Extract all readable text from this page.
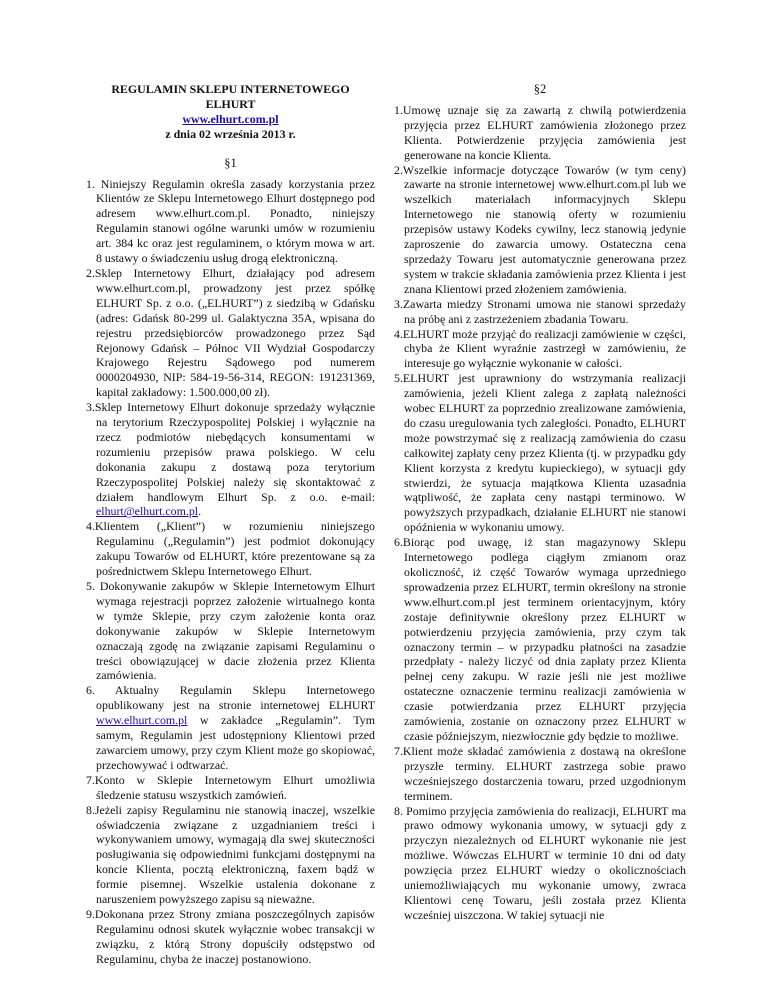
REGULAMIN SKLEPU INTERNETOWEGO
ELHURT
www.elhurt.com.pl
z dnia 02 września 2013 r.
§1
1. Niniejszy Regulamin określa zasady korzystania przez Klientów ze Sklepu Internetowego Elhurt dostępnego pod adresem www.elhurt.com.pl. Ponadto, niniejszy Regulamin stanowi ogólne warunki umów w rozumieniu art. 384 kc oraz jest regulaminem, o którym mowa w art. 8 ustawy o świadczeniu usług drogą elektroniczną.
2.Sklep Internetowy Elhurt, działający pod adresem www.elhurt.com.pl, prowadzony jest przez spółkę ELHURT Sp. z o.o. („ELHURT”) z siedzibą w Gdańsku (adres: Gdańsk 80-299 ul. Galaktyczna 35A, wpisana do rejestru przedsiębiorców prowadzonego przez Sąd Rejonowy Gdańsk – Północ VII Wydział Gospodarczy Krajowego Rejestru Sądowego pod numerem 0000204930, NIP: 584-19-56-314, REGON: 191231369, kapitał zakładowy: 1.500.000,00 zł).
3.Sklep Internetowy Elhurt dokonuje sprzedaży wyłącznie na terytorium Rzeczypospolitej Polskiej i wyłącznie na rzecz podmiotów niebędących konsumentami w rozumieniu przepisów prawa polskiego. W celu dokonania zakupu z dostawą poza terytorium Rzeczypospolitej Polskiej należy się skontaktować z działem handlowym Elhurt Sp. z o.o. e-mail: elhurt@elhurt.com.pl.
4.Klientem („Klient”) w rozumieniu niniejszego Regulaminu („Regulamin”) jest podmiot dokonujący zakupu Towarów od ELHURT, które prezentowane są za pośrednictwem Sklepu Internetowego Elhurt.
5. Dokonywanie zakupów w Sklepie Internetowym Elhurt wymaga rejestracji poprzez założenie wirtualnego konta w tymże Sklepie, przy czym założenie konta oraz dokonywanie zakupów w Sklepie Internetowym oznaczają zgodę na związanie zapisami Regulaminu o treści obowiązującej w dacie złożenia przez Klienta zamówienia.
6. Aktualny Regulamin Sklepu Internetowego opublikowany jest na stronie internetowej ELHURT www.elhurt.com.pl w zakładce „Regulamin”. Tym samym, Regulamin jest udostępniony Klientowi przed zawarciem umowy, przy czym Klient może go skopiować, przechowywać i odtwarzać.
7.Konto w Sklepie Internetowym Elhurt umożliwia śledzenie statusu wszystkich zamówień.
8.Jeżeli zapisy Regulaminu nie stanowią inaczej, wszelkie oświadczenia związane z uzgadnianiem treści i wykonywaniem umowy, wymagają dla swej skuteczności posługiwania się odpowiednimi funkcjami dostępnymi na koncie Klienta, pocztą elektroniczną, faxem bądź w formie pisemnej. Wszelkie ustalenia dokonane z naruszeniem powyższego zapisu są nieważne.
9.Dokonana przez Strony zmiana poszczególnych zapisów Regulaminu odnosi skutek wyłącznie wobec transakcji w związku, z którą Strony dopuściły odstępstwo od Regulaminu, chyba że inaczej postanowiono.
§2
1.Umowę uznaje się za zawartą z chwilą potwierdzenia przyjęcia przez ELHURT zamówienia złożonego przez Klienta. Potwierdzenie przyjęcia zamówienia jest generowane na koncie Klienta.
2.Wszelkie informacje dotyczące Towarów (w tym ceny) zawarte na stronie internetowej www.elhurt.com.pl lub we wszelkich materiałach informacyjnych Sklepu Internetowego nie stanowią oferty w rozumieniu przepisów ustawy Kodeks cywilny, lecz stanowią jedynie zaproszenie do zawarcia umowy. Ostateczna cena sprzedaży Towaru jest automatycznie generowana przez system w trakcie składania zamówienia przez Klienta i jest znana Klientowi przed złożeniem zamówienia.
3.Zawarta miedzy Stronami umowa nie stanowi sprzedaży na próbę ani z zastrzeżeniem zbadania Towaru.
4.ELHURT może przyjąć do realizacji zamówienie w części, chyba że Klient wyraźnie zastrzegł w zamówieniu, że interesuje go wyłącznie wykonanie w całości.
5.ELHURT jest uprawniony do wstrzymania realizacji zamówienia, jeżeli Klient zalega z zapłatą należności wobec ELHURT za poprzednio zrealizowane zamówienia, do czasu uregulowania tych zaległości. Ponadto, ELHURT może powstrzymać się z realizacją zamówienia do czasu całkowitej zapłaty ceny przez Klienta (tj. w przypadku gdy Klient korzysta z kredytu kupieckiego), w sytuacji gdy stwierdzi, że sytuacja majątkowa Klienta uzasadnia wątpliwość, że zapłata ceny nastąpi terminowo. W powyższych przypadkach, działanie ELHURT nie stanowi opóźnienia w wykonaniu umowy.
6.Biorąc pod uwagę, iż stan magazynowy Sklepu Internetowego podlega ciągłym zmianom oraz okoliczność, iż część Towarów wymaga uprzedniego sprowadzenia przez ELHURT, termin określony na stronie www.elhurt.com.pl jest terminem orientacyjnym, który zostaje definitywnie określony przez ELHURT w potwierdzeniu przyjęcia zamówienia, przy czym tak oznaczony termin – w przypadku płatności na zasadzie przedpłaty - należy liczyć od dnia zapłaty przez Klienta pełnej ceny zakupu. W razie jeśli nie jest możliwe ostateczne oznaczenie terminu realizacji zamówienia w czasie potwierdzania przez ELHURT przyjęcia zamówienia, zostanie on oznaczony przez ELHURT w czasie późniejszym, niezwłocznie gdy będzie to możliwe.
7.Klient może składać zamówienia z dostawą na określone przyszłe terminy. ELHURT zastrzega sobie prawo wcześniejszego dostarczenia towaru, przed uzgodnionym terminem.
8. Pomimo przyjęcia zamówienia do realizacji, ELHURT ma prawo odmowy wykonania umowy, w sytuacji gdy z przyczyn niezależnych od ELHURT wykonanie nie jest możliwe. Wówczas ELHURT w terminie 10 dni od daty powzięcia przez ELHURT wiedzy o okolicznościach uniemożliwiających mu wykonanie umowy, zwraca Klientowi cenę Towaru, jeśli została przez Klienta wcześniej uiszczona. W takiej sytuacji nie
